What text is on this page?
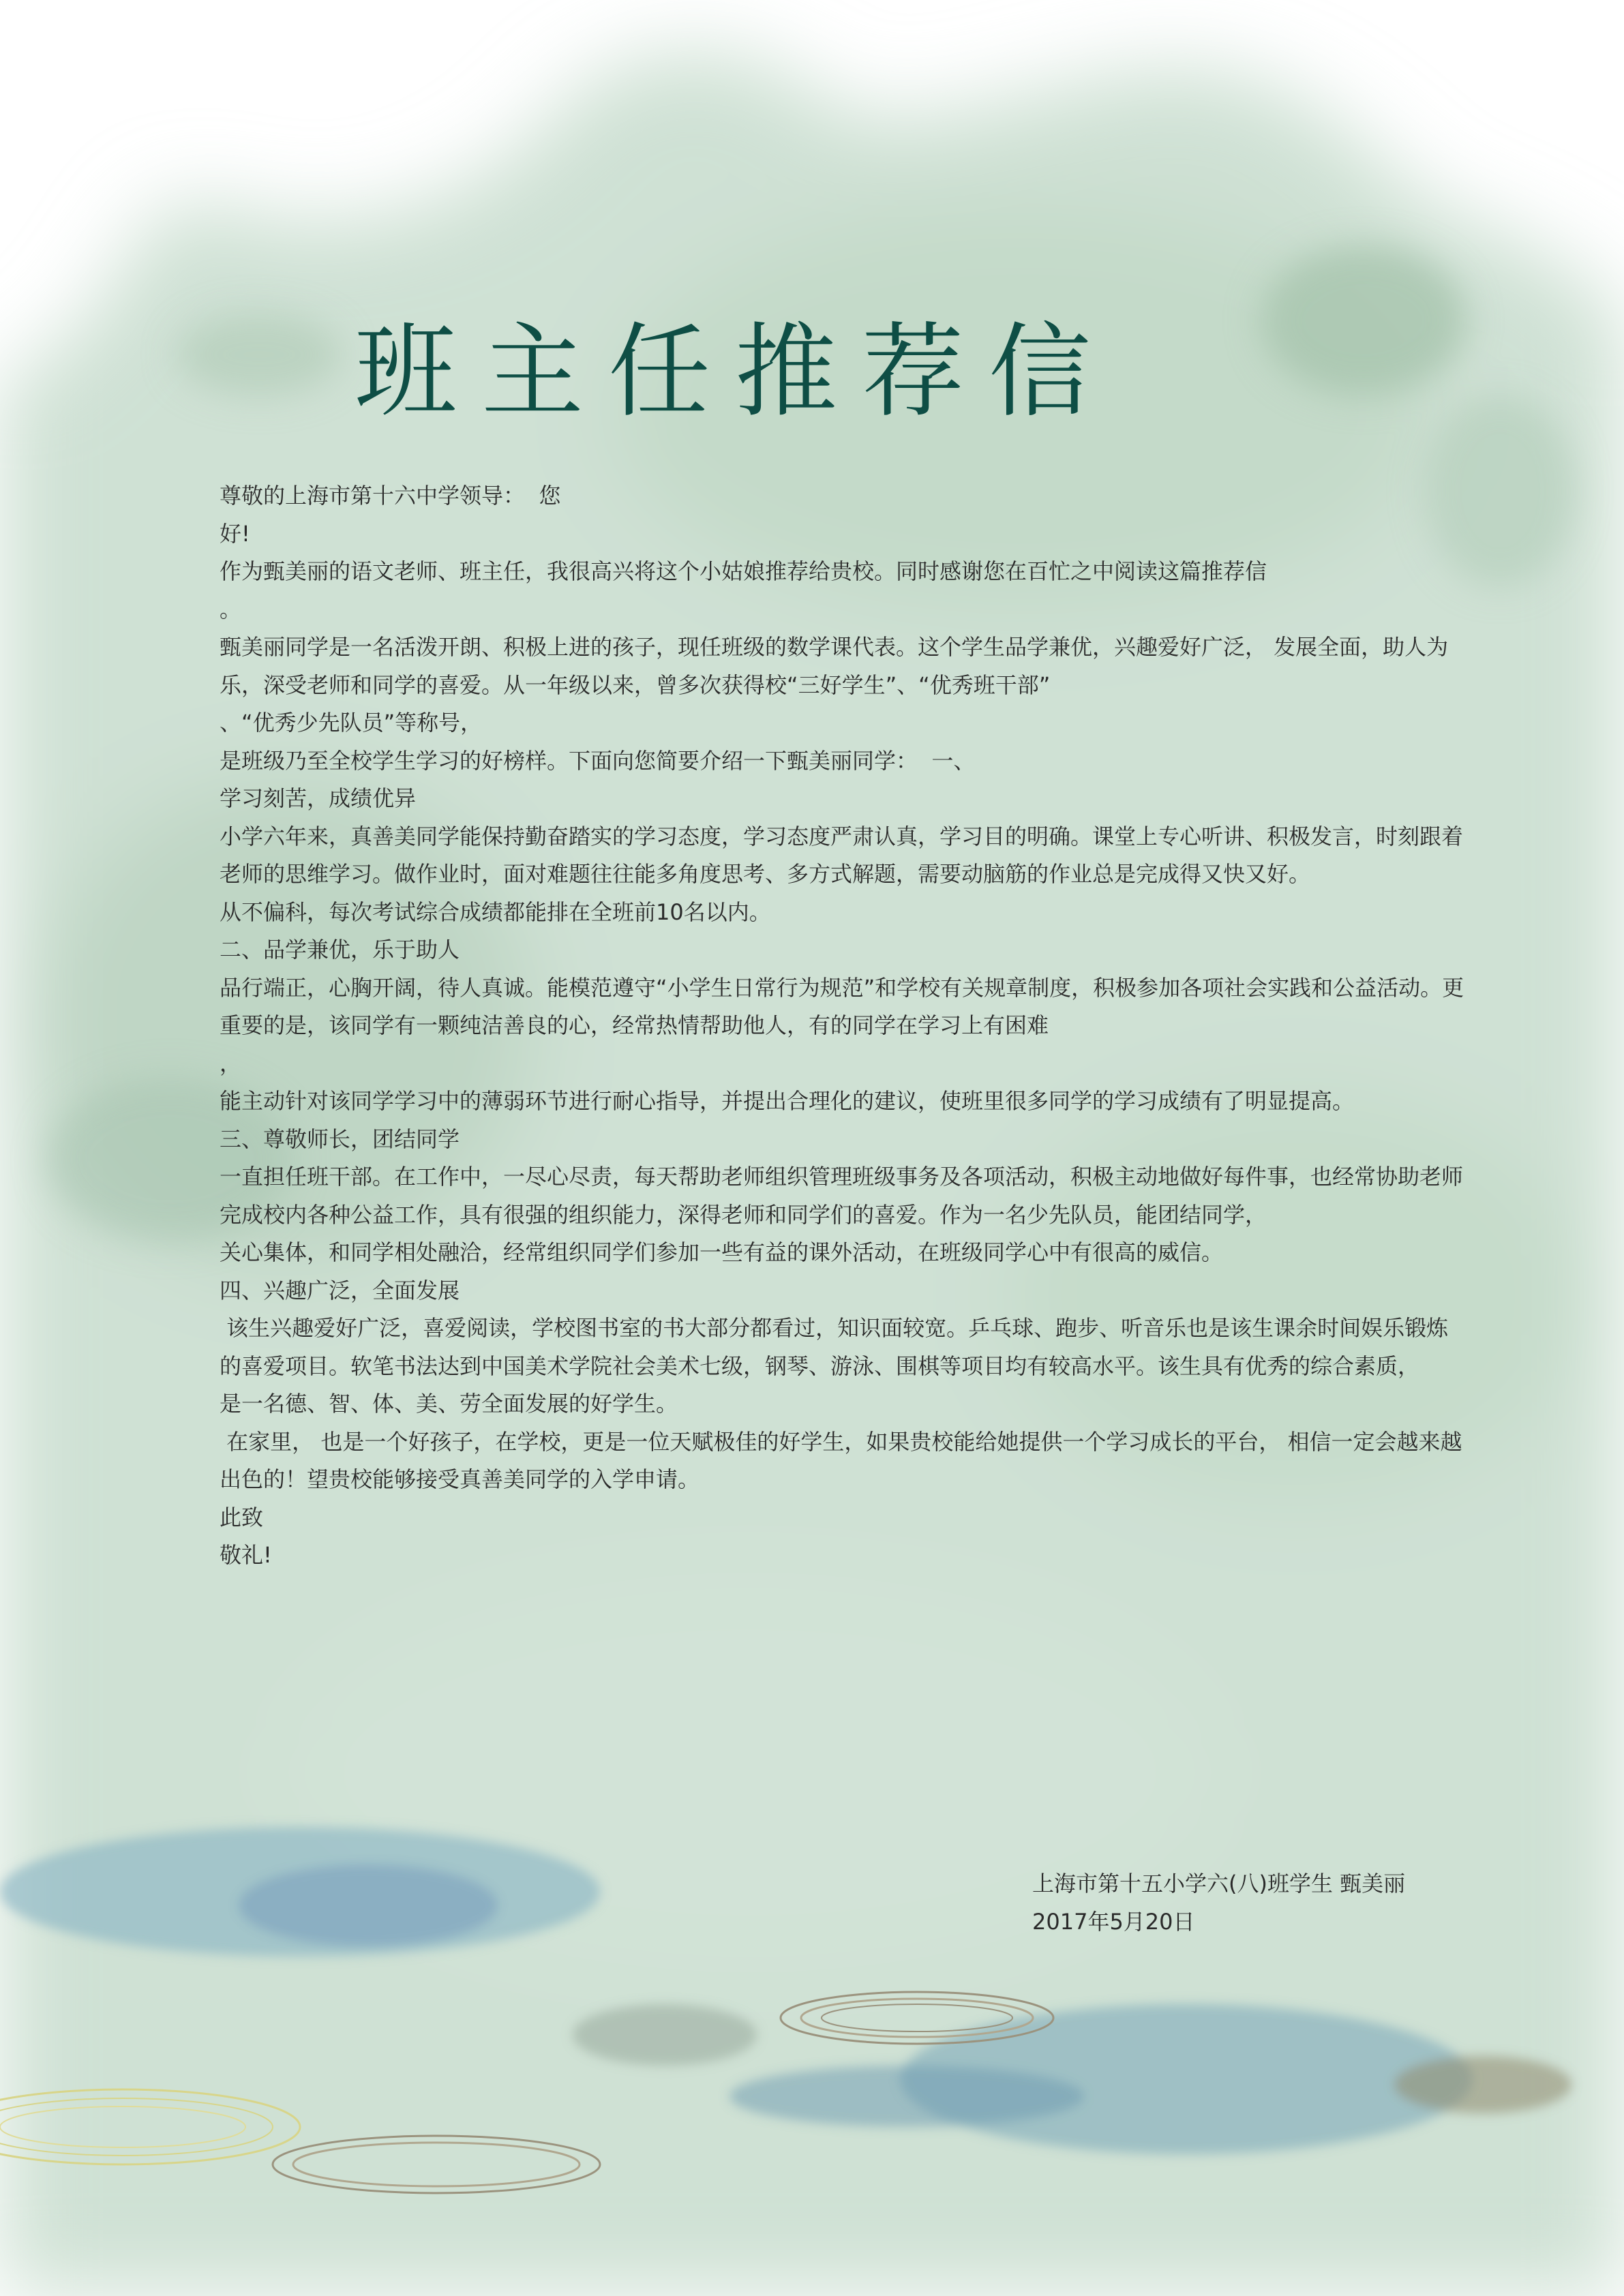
班主任推荐信

尊敬的上海市第十六中学领导：  您

好!

作为甄美丽的语文老师、班主任，我很高兴将这个小姑娘推荐给贵校。同时感谢您在百忙之中阅读这篇推荐信

。

甄美丽同学是一名活泼开朗、积极上进的孩子，现任班级的数学课代表。这个学生品学兼优，兴趣爱好广泛， 发展全面，助人为乐，深受老师和同学的喜爱。从一年级以来，曾多次获得校“三好学生”、“优秀班干部”

、“优秀少先队员”等称号，

是班级乃至全校学生学习的好榜样。下面向您简要介绍一下甄美丽同学：  一、

学习刻苦，成绩优异

小学六年来，真善美同学能保持勤奋踏实的学习态度，学习态度严肃认真，学习目的明确。课堂上专心听讲、积极发言，时刻跟着老师的思维学习。做作业时，面对难题往往能多角度思考、多方式解题，需要动脑筋的作业总是完成得又快又好。

从不偏科，每次考试综合成绩都能排在全班前10名以内。

二、品学兼优，乐于助人

品行端正，心胸开阔，待人真诚。能模范遵守“小学生日常行为规范”和学校有关规章制度，积极参加各项社会实践和公益活动。更重要的是，该同学有一颗纯洁善良的心，经常热情帮助他人，有的同学在学习上有困难

，

能主动针对该同学学习中的薄弱环节进行耐心指导，并提出合理化的建议，使班里很多同学的学习成绩有了明显提高。

三、尊敬师长，团结同学

一直担任班干部。在工作中，一尽心尽责，每天帮助老师组织管理班级事务及各项活动，积极主动地做好每件事，也经常协助老师完成校内各种公益工作，具有很强的组织能力，深得老师和同学们的喜爱。作为一名少先队员，能团结同学，

关心集体，和同学相处融洽，经常组织同学们参加一些有益的课外活动，在班级同学心中有很高的威信。

四、兴趣广泛，全面发展

该生兴趣爱好广泛，喜爱阅读，学校图书室的书大部分都看过，知识面较宽。乒乓球、跑步、听音乐也是该生课余时间娱乐锻炼的喜爱项目。软笔书法达到中国美术学院社会美术七级，钢琴、游泳、围棋等项目均有较高水平。该生具有优秀的综合素质，

是一名德、智、体、美、劳全面发展的好学生。

在家里， 也是一个好孩子，在学校，更是一位天赋极佳的好学生，如果贵校能给她提供一个学习成长的平台， 相信一定会越来越出色的！望贵校能够接受真善美同学的入学申请。

此致

敬礼!

上海市第十五小学六(八)班学生 甄美丽

2017年5月20日
